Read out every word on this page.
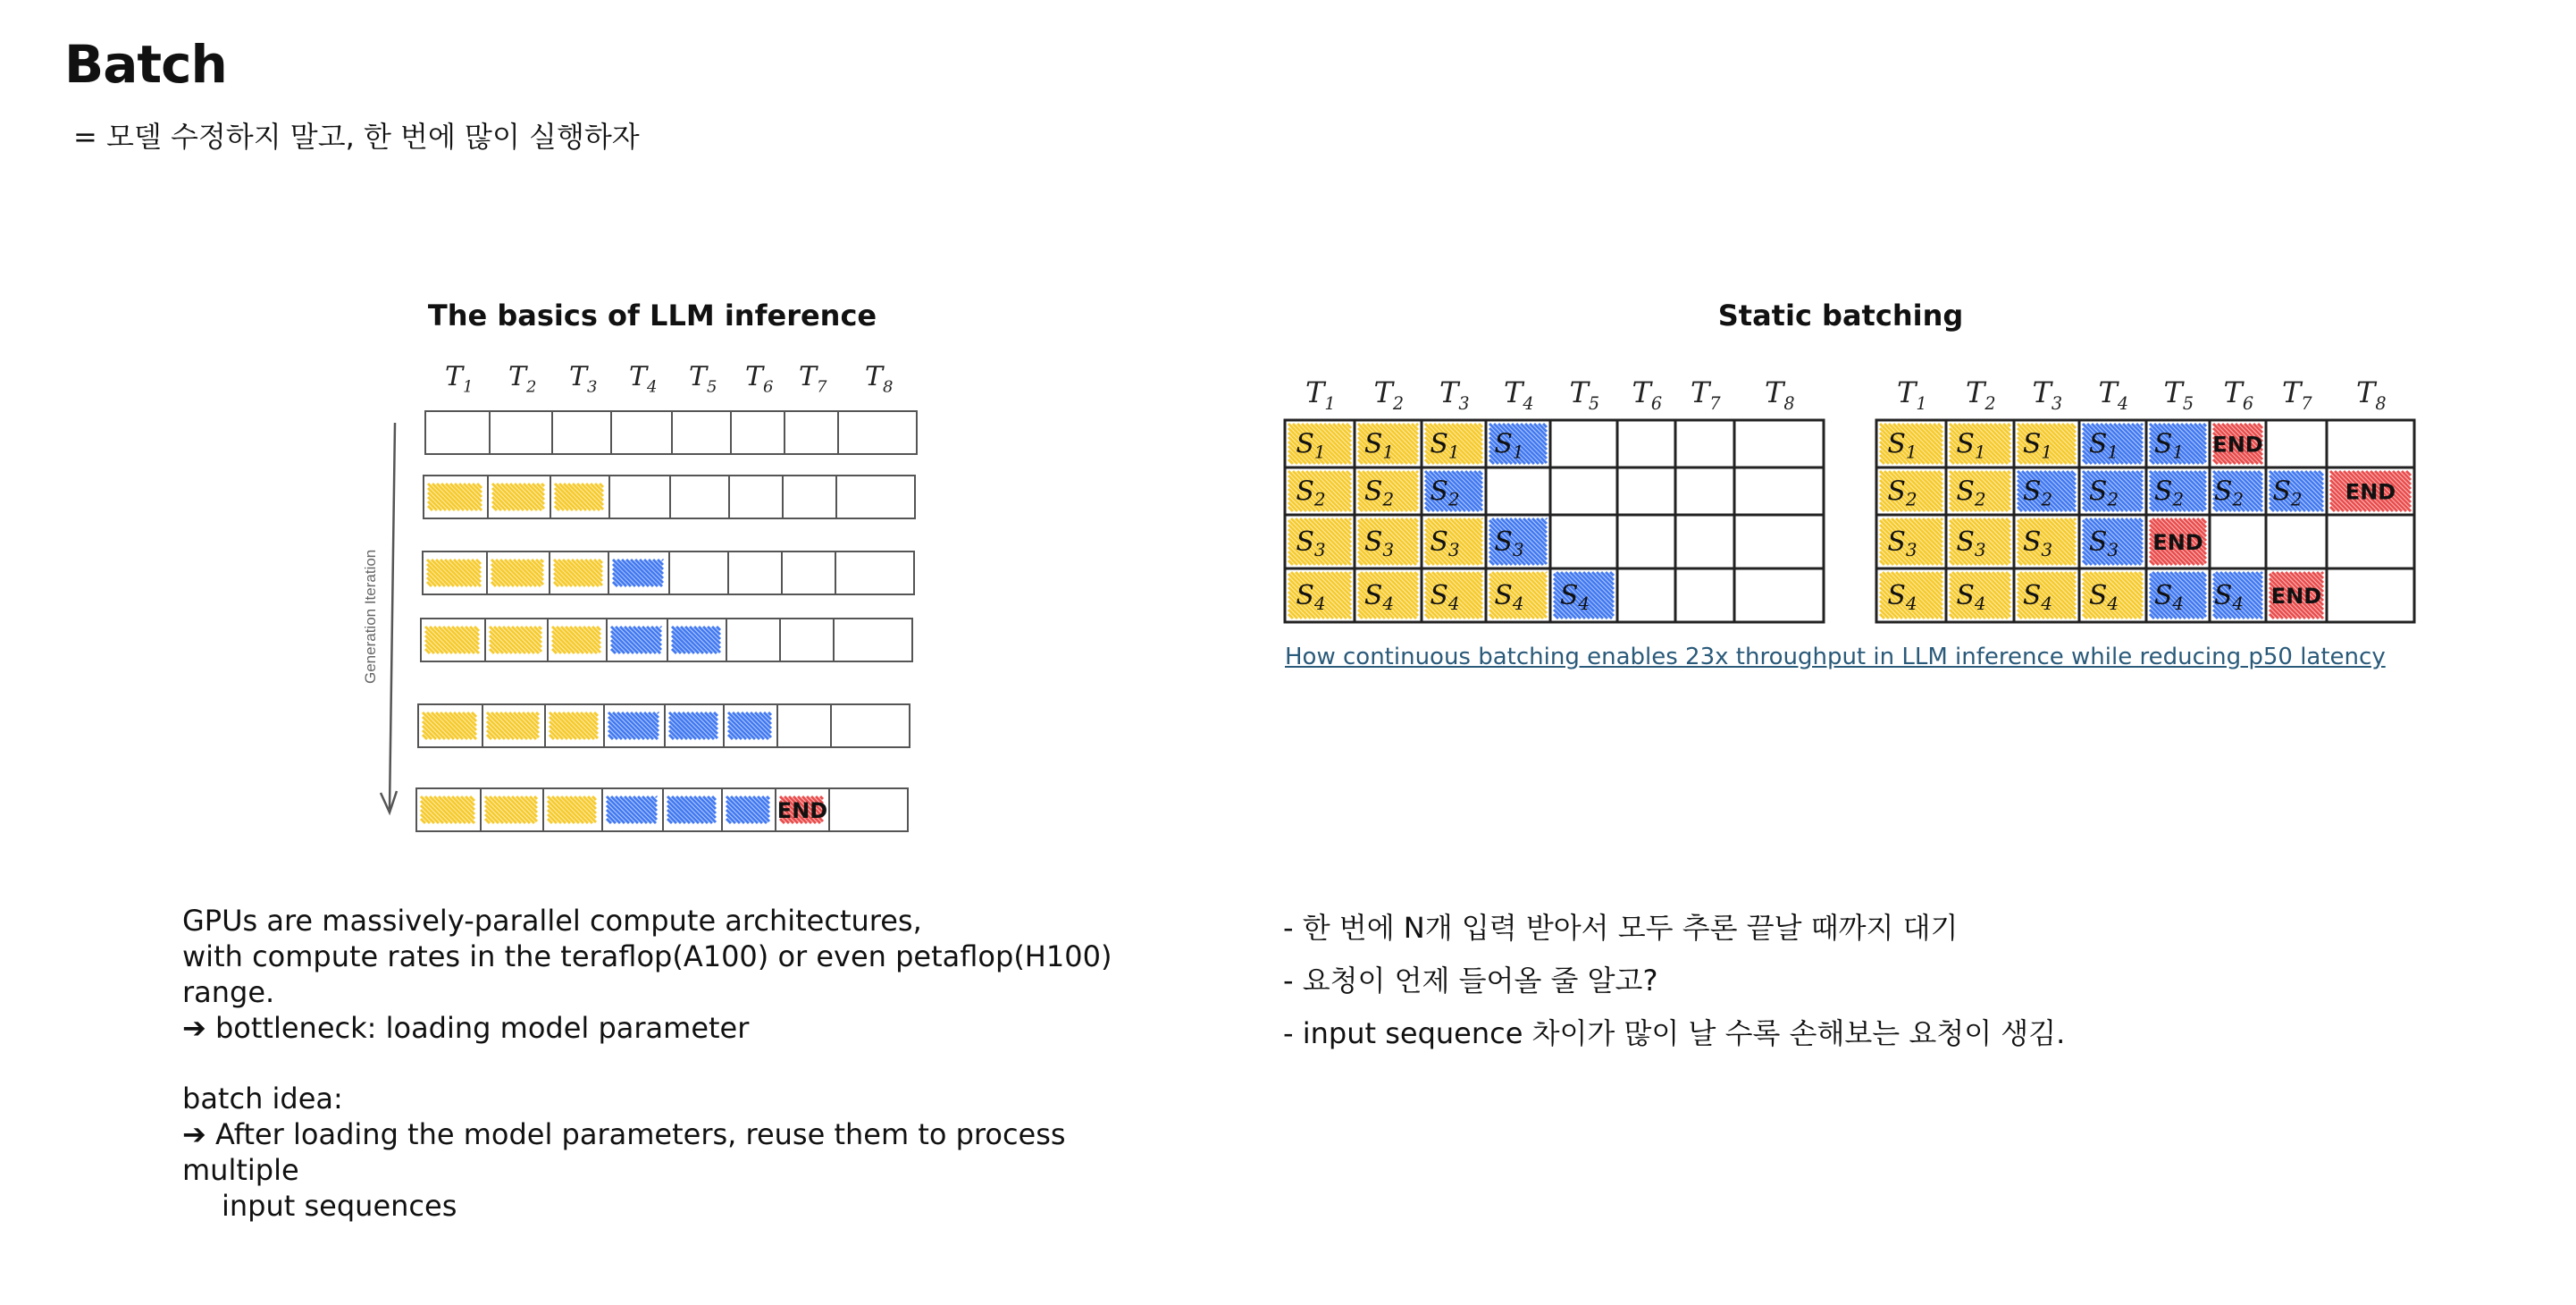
Batch
= 모델 수정하지 말고, 한 번에 많이 실행하자
The basics of LLM inference
$T_1$ $T_2$ $T_3$ $T_4$ $T_5$ $T_6$ $T_7$ $T_8$
Generation Iteration
END
GPUs are massively-parallel compute architectures,
with compute rates in the teraflop(A100) or even petaflop(H100) range.
➔ bottleneck: loading model parameter
batch idea:
➔ After loading the model parameters, reuse them to process multiple
input sequences
Static batching
$T_1$ $T_2$ $T_3$ $T_4$ $T_5$ $T_6$ $T_7$ $T_8$
$S_1$ $S_1$ $S_1$ $S_1$
$S_2$ $S_2$ $S_2$
$S_3$ $S_3$ $S_3$ $S_3$
$S_4$ $S_4$ $S_4$ $S_4$ $S_4$
$T_1$ $T_2$ $T_3$ $T_4$ $T_5$ $T_6$ $T_7$ $T_8$
$S_1$ $S_1$ $S_1$ $S_1$ $S_1$ END
$S_2$ $S_2$ $S_2$ $S_2$ $S_2$ $S_2$ $S_2$ END
$S_3$ $S_3$ $S_3$ $S_3$ END
$S_4$ $S_4$ $S_4$ $S_4$ $S_4$ $S_4$ END
How continuous batching enables 23x throughput in LLM inference while reducing p50 latency
- 한 번에 N개 입력 받아서 모두 추론 끝날 때까지 대기
- 요청이 언제 들어올 줄 알고?
- input sequence 차이가 많이 날 수록 손해보는 요청이 생김.
